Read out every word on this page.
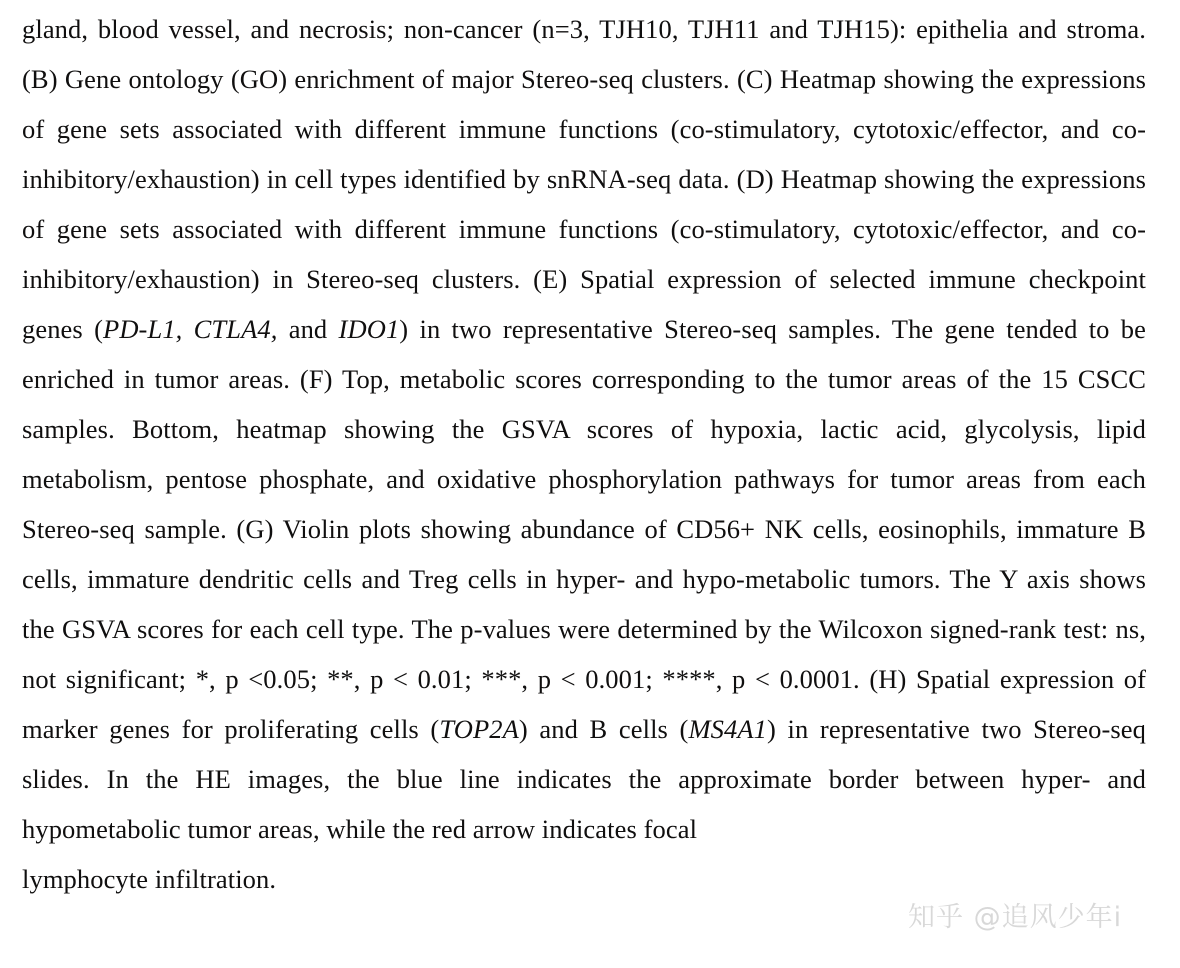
gland, blood vessel, and necrosis; non-cancer (n=3, TJH10, TJH11 and TJH15): epithelia and stroma. (B) Gene ontology (GO) enrichment of major Stereo-seq clusters. (C) Heatmap showing the expressions of gene sets associated with different immune functions (co-stimulatory, cytotoxic/effector, and co-inhibitory/exhaustion) in cell types identified by snRNA-seq data. (D) Heatmap showing the expressions of gene sets associated with different immune functions (co-stimulatory, cytotoxic/effector, and co-inhibitory/exhaustion) in Stereo-seq clusters. (E) Spatial expression of selected immune checkpoint genes (PD-L1, CTLA4, and IDO1) in two representative Stereo-seq samples. The gene tended to be enriched in tumor areas. (F) Top, metabolic scores corresponding to the tumor areas of the 15 CSCC samples. Bottom, heatmap showing the GSVA scores of hypoxia, lactic acid, glycolysis, lipid metabolism, pentose phosphate, and oxidative phosphorylation pathways for tumor areas from each Stereo-seq sample. (G) Violin plots showing abundance of CD56+ NK cells, eosinophils, immature B cells, immature dendritic cells and Treg cells in hyper- and hypo-metabolic tumors. The Y axis shows the GSVA scores for each cell type. The p-values were determined by the Wilcoxon signed-rank test: ns, not significant; *, p <0.05; **, p < 0.01; ***, p < 0.001; ****, p < 0.0001. (H) Spatial expression of marker genes for proliferating cells (TOP2A) and B cells (MS4A1) in representative two Stereo-seq slides. In the HE images, the blue line indicates the approximate border between hyper- and hypometabolic tumor areas, while the red arrow indicates focal
lymphocyte infiltration.
知乎 @追风少年i
